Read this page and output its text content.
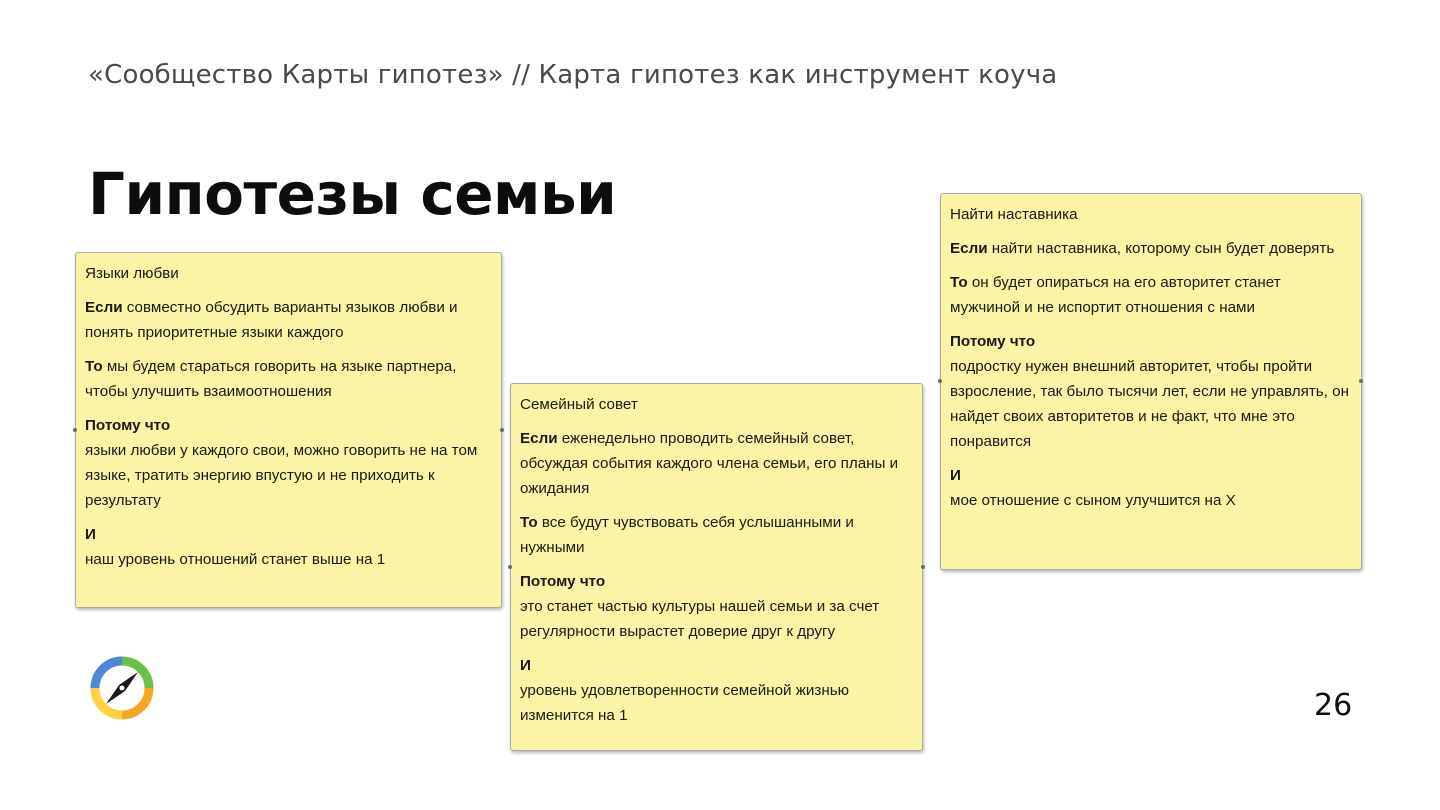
«Сообщество Карты гипотез» // Карта гипотез как инструмент коуча
Гипотезы семьи
Языки любви
Если совместно обсудить варианты языков любви и понять приоритетные языки каждого
То мы будем стараться говорить на языке партнера, чтобы улучшить взаимоотношения
Потому что
языки любви у каждого свои, можно говорить не на том языке, тратить энергию впустую и не приходить к результату
И
наш уровень отношений станет выше на 1
Семейный совет
Если еженедельно проводить семейный совет, обсуждая события каждого члена семьи, его планы и ожидания
То все будут чувствовать себя услышанными и нужными
Потому что
это станет частью культуры нашей семьи и за счет регулярности вырастет доверие друг к другу
И
уровень удовлетворенности семейной жизнью изменится на 1
Найти наставника
Если найти наставника, которому сын будет доверять
То он будет опираться на его авторитет станет мужчиной и не испортит отношения с нами
Потому что
подростку нужен внешний авторитет, чтобы пройти взросление, так было тысячи лет, если не управлять, он найдет своих авторитетов и не факт, что мне это понравится
И
мое отношение с сыном улучшится на Х
26
